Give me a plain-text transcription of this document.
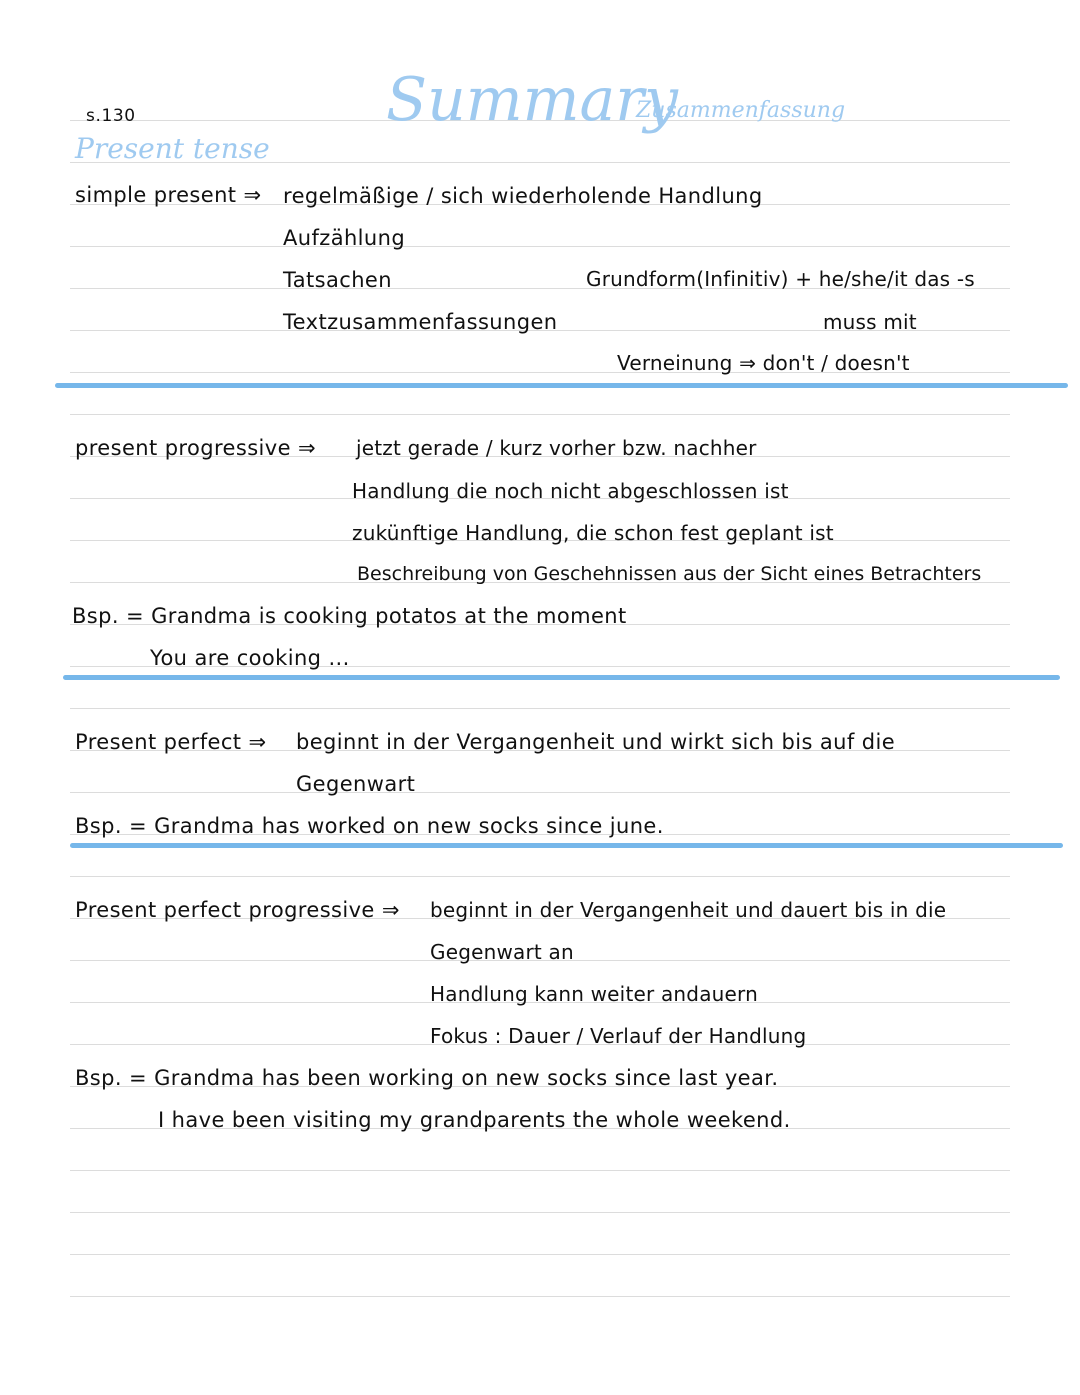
s.130	Summary
Zusammenfassung
Present tense
simple present ⇒ regelmäßige / sich wiederholende Handlung
Aufzählung
Tatsachen
Textzusammenfassungen
Grundform(Infinitiv) + he/she/it das -s
muss mit
Verneinung ⇒ don't / doesn't
present progressive ⇒ jetzt gerade / kurz vorher bzw. nachher
Handlung die noch nicht abgeschlossen ist
zukünftige Handlung, die schon fest geplant ist
Beschreibung von Geschehnissen aus der Sicht eines Betrachters
Bsp. = Grandma is cooking potatos at the moment
You are cooking ...
Present perfect ⇒ beginnt in der Vergangenheit und wirkt sich bis auf die
Gegenwart
Bsp. = Grandma has worked on new socks since june.
Present perfect progressive ⇒ beginnt in der Vergangenheit und dauert bis in die
Gegenwart an
Handlung kann weiter andauern
Fokus : Dauer / Verlauf der Handlung
Bsp. = Grandma has been working on new socks since last year.
I have been visiting my grandparents the whole weekend.
